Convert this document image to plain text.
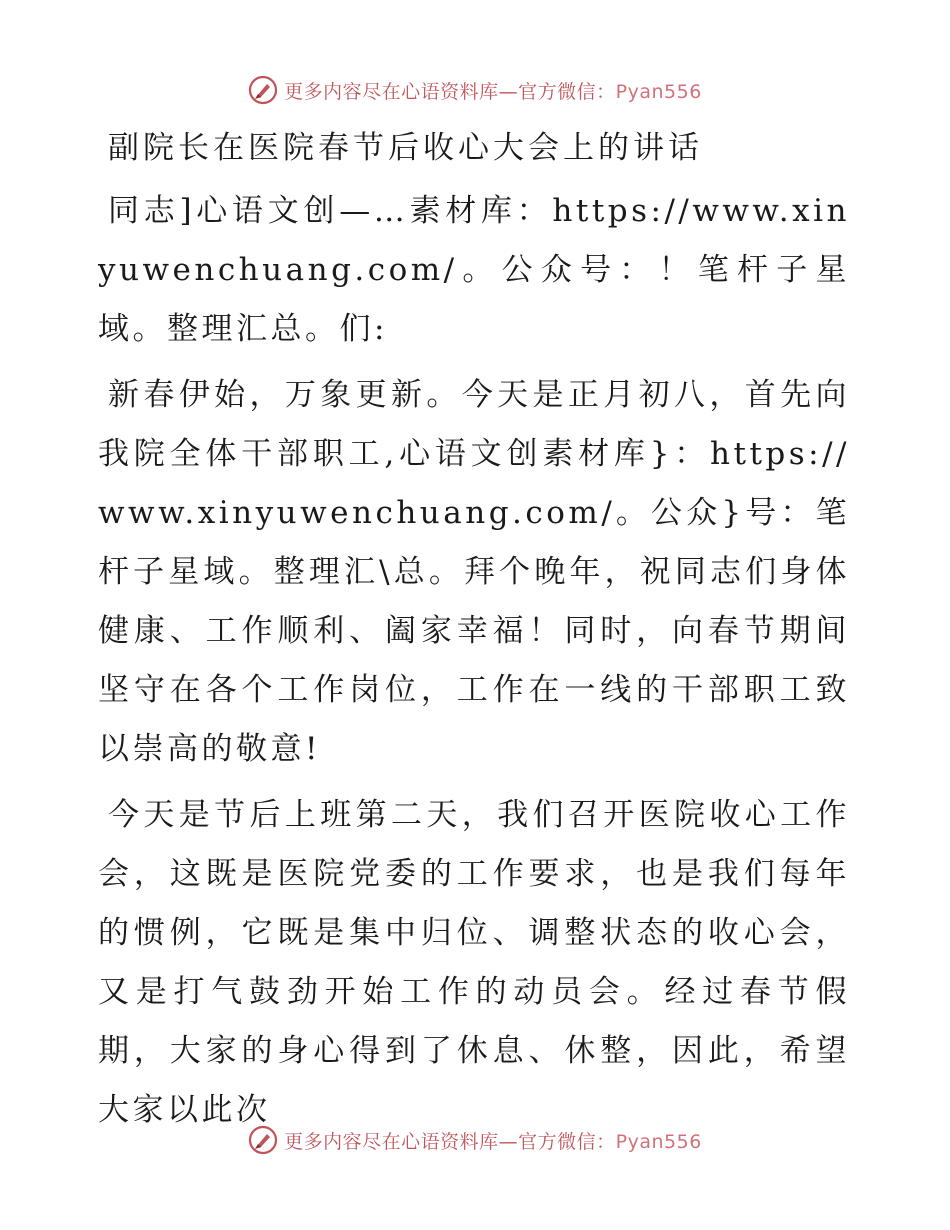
更多内容尽在心语资料库—官方微信：Pyan556
副院长在医院春节后收心大会上的讲话

同志]心语文创—…素材库：https://www.xinyuwenchuang.com/。公众号：！笔杆子星域。整理汇总。们:

新春伊始，万象更新。今天是正月初八，首先向我院全体干部职工,心语文创素材库}：https://www.xinyuwenchuang.com/。公众}号：笔杆子星域。整理汇\总。拜个晚年，祝同志们身体健康、工作顺利、阖家幸福！同时，向春节期间坚守在各个工作岗位，工作在一线的干部职工致以崇高的敬意!

今天是节后上班第二天，我们召开医院收心工作会，这既是医院党委的工作要求，也是我们每年的惯例，它既是集中归位、调整状态的收心会，又是打气鼓劲开始工作的动员会。经过春节假期，大家的身心得到了休息、休整，因此，希望大家以此次

更多内容尽在心语资料库—官方微信：Pyan556
